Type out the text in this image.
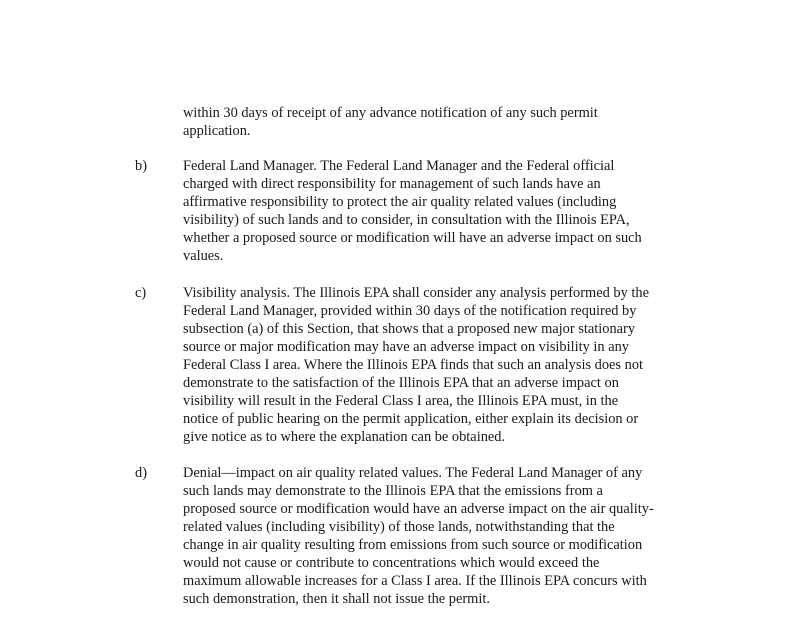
within 30 days of receipt of any advance notification of any such permit
application.
b)	Federal Land Manager. The Federal Land Manager and the Federal official
charged with direct responsibility for management of such lands have an
affirmative responsibility to protect the air quality related values (including
visibility) of such lands and to consider, in consultation with the Illinois EPA,
whether a proposed source or modification will have an adverse impact on such
values.
c)	Visibility analysis. The Illinois EPA shall consider any analysis performed by the
Federal Land Manager, provided within 30 days of the notification required by
subsection (a) of this Section, that shows that a proposed new major stationary
source or major modification may have an adverse impact on visibility in any
Federal Class I area. Where the Illinois EPA finds that such an analysis does not
demonstrate to the satisfaction of the Illinois EPA that an adverse impact on
visibility will result in the Federal Class I area, the Illinois EPA must, in the
notice of public hearing on the permit application, either explain its decision or
give notice as to where the explanation can be obtained.
d)	Denial—impact on air quality related values. The Federal Land Manager of any
such lands may demonstrate to the Illinois EPA that the emissions from a
proposed source or modification would have an adverse impact on the air quality-
related values (including visibility) of those lands, notwithstanding that the
change in air quality resulting from emissions from such source or modification
would not cause or contribute to concentrations which would exceed the
maximum allowable increases for a Class I area. If the Illinois EPA concurs with
such demonstration, then it shall not issue the permit.
